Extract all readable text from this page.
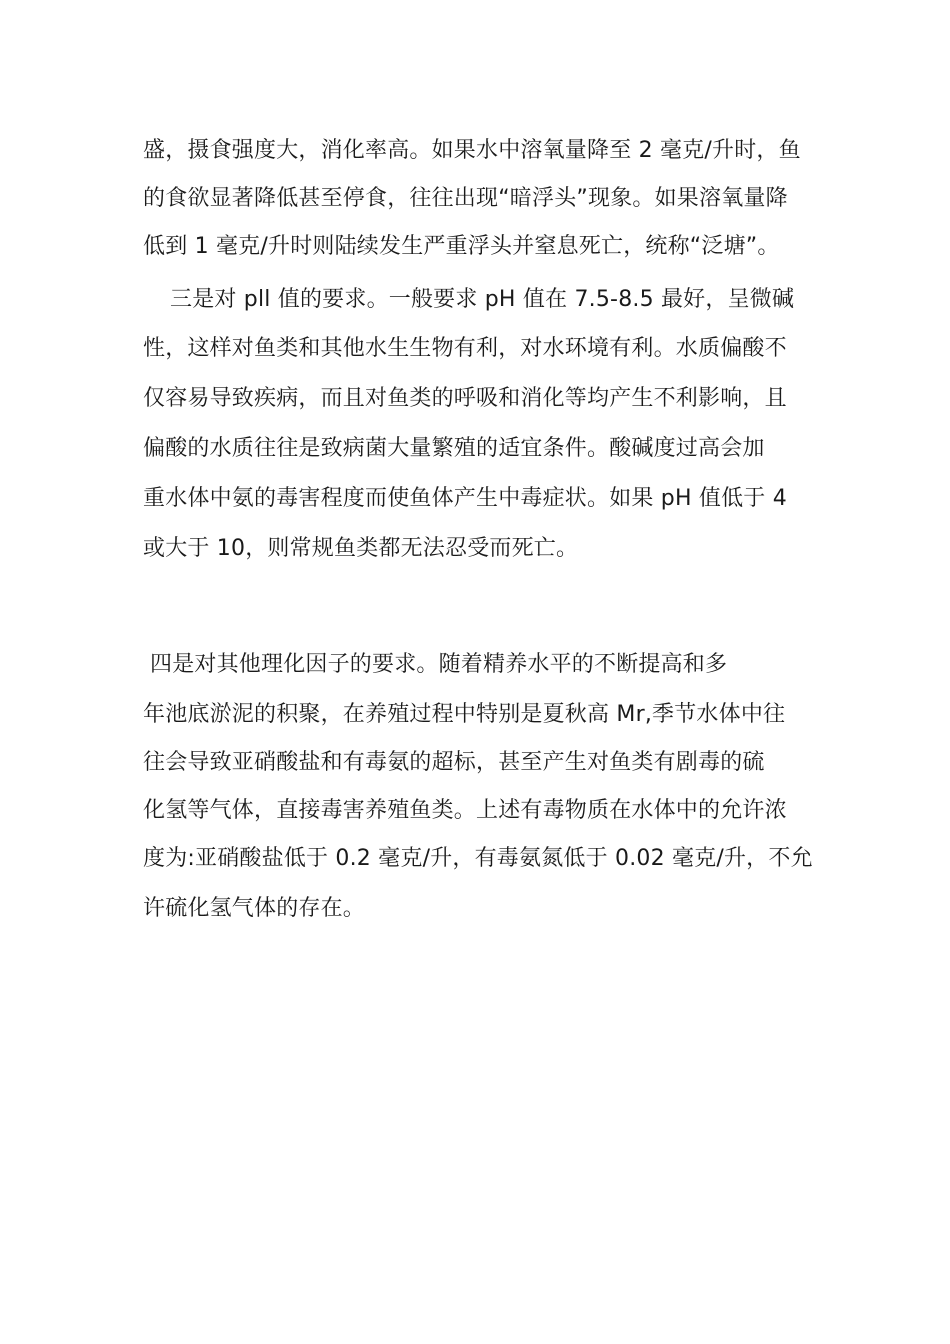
盛，摄食强度大，消化率高。如果水中溶氧量降至 2 毫克/升时，鱼
的食欲显著降低甚至停食，往往出现“暗浮头”现象。如果溶氧量降
低到 1 毫克/升时则陆续发生严重浮头并窒息死亡，统称“泛塘”。
三是对 pll 值的要求。一般要求 pH 值在 7.5-8.5 最好，呈微碱
性，这样对鱼类和其他水生生物有利，对水环境有利。水质偏酸不
仅容易导致疾病，而且对鱼类的呼吸和消化等均产生不利影响，且
偏酸的水质往往是致病菌大量繁殖的适宜条件。酸碱度过高会加
重水体中氨的毒害程度而使鱼体产生中毒症状。如果 pH 值低于 4
或大于 10，则常规鱼类都无法忍受而死亡。
四是对其他理化因子的要求。随着精养水平的不断提高和多
年池底淤泥的积聚，在养殖过程中特别是夏秋高 Mr,季节水体中往
往会导致亚硝酸盐和有毒氨的超标，甚至产生对鱼类有剧毒的硫
化氢等气体，直接毒害养殖鱼类。上述有毒物质在水体中的允许浓
度为:亚硝酸盐低于 0.2 毫克/升，有毒氨氮低于 0.02 毫克/升，不允
许硫化氢气体的存在。
